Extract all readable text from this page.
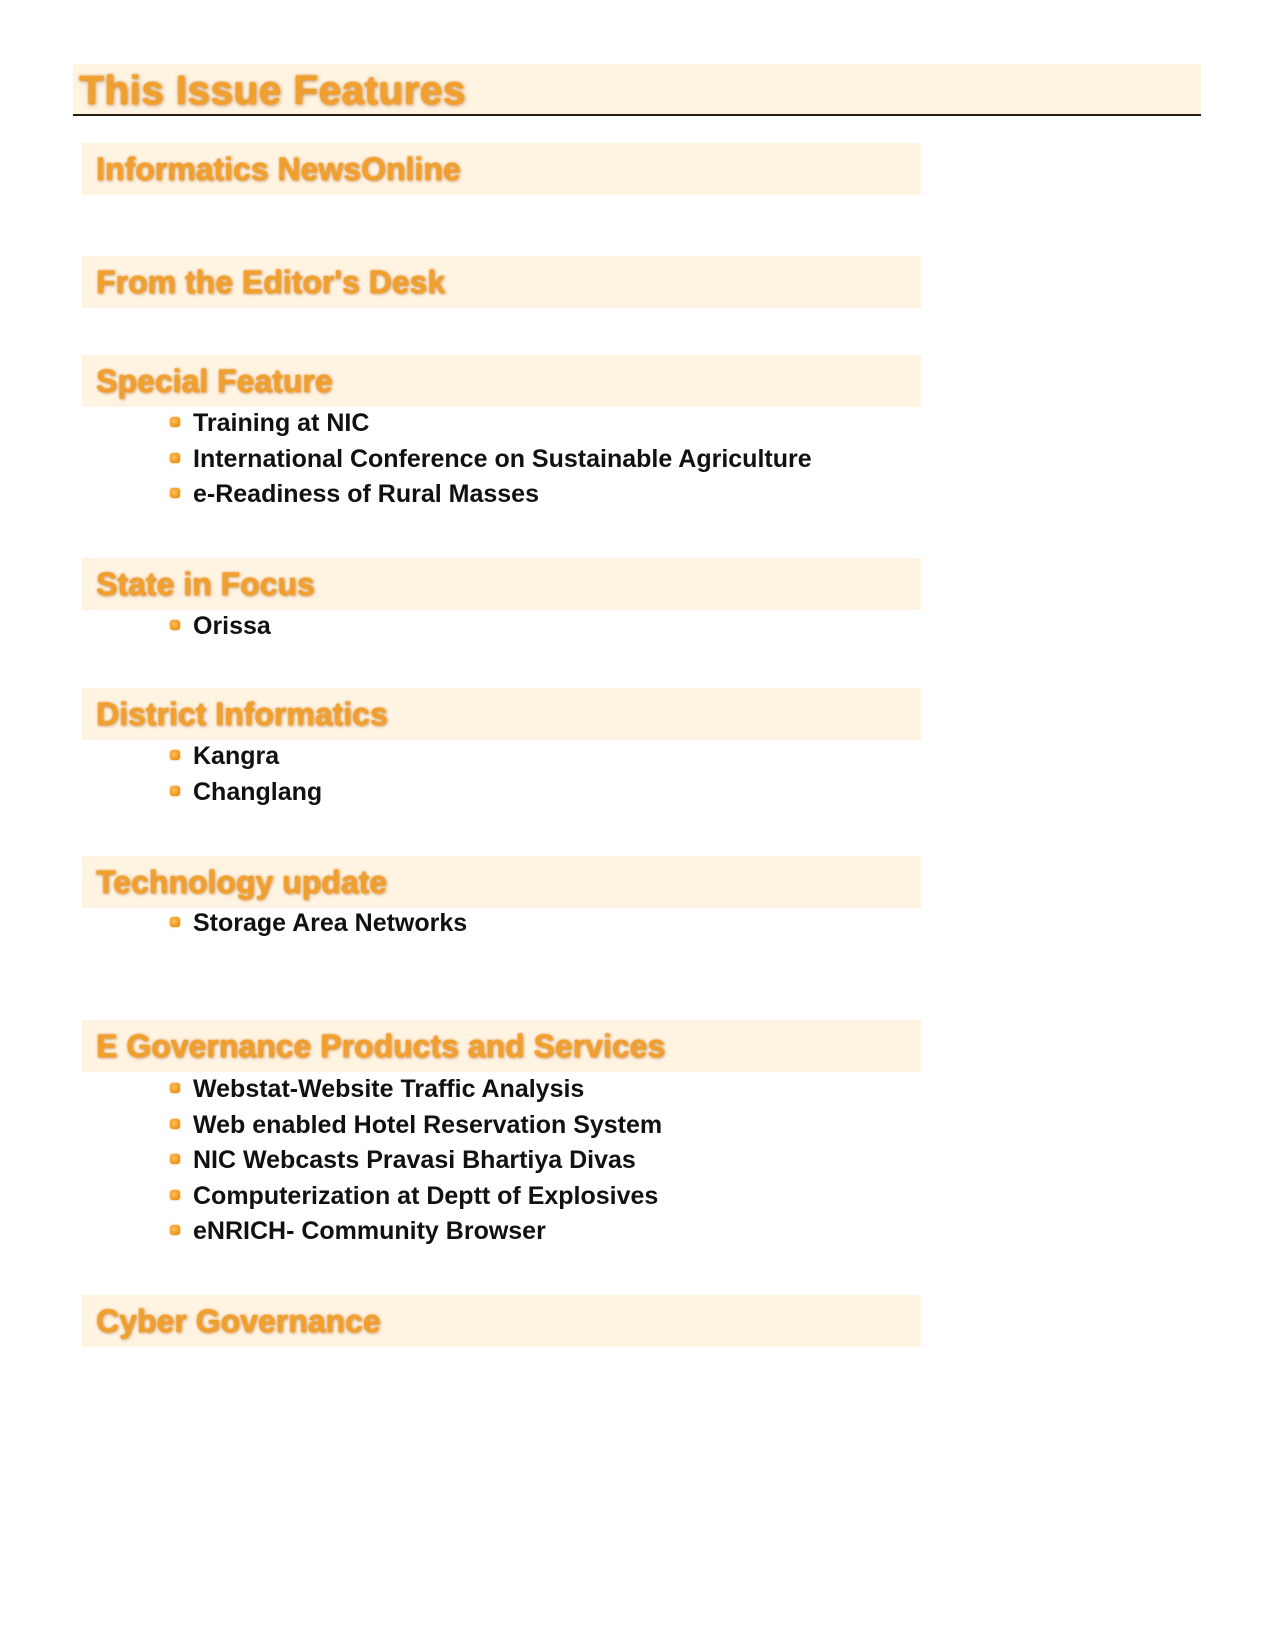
This Issue Features
Informatics NewsOnline
From the Editor's Desk
Special Feature
Training at NIC
International Conference on Sustainable Agriculture
e-Readiness of Rural Masses
State in Focus
Orissa
District Informatics
Kangra
Changlang
Technology update
Storage Area Networks
E Governance Products and Services
Webstat-Website Traffic Analysis
Web enabled Hotel Reservation System
NIC Webcasts Pravasi Bhartiya Divas
Computerization at Deptt of Explosives
eNRICH- Community Browser
Cyber Governance
